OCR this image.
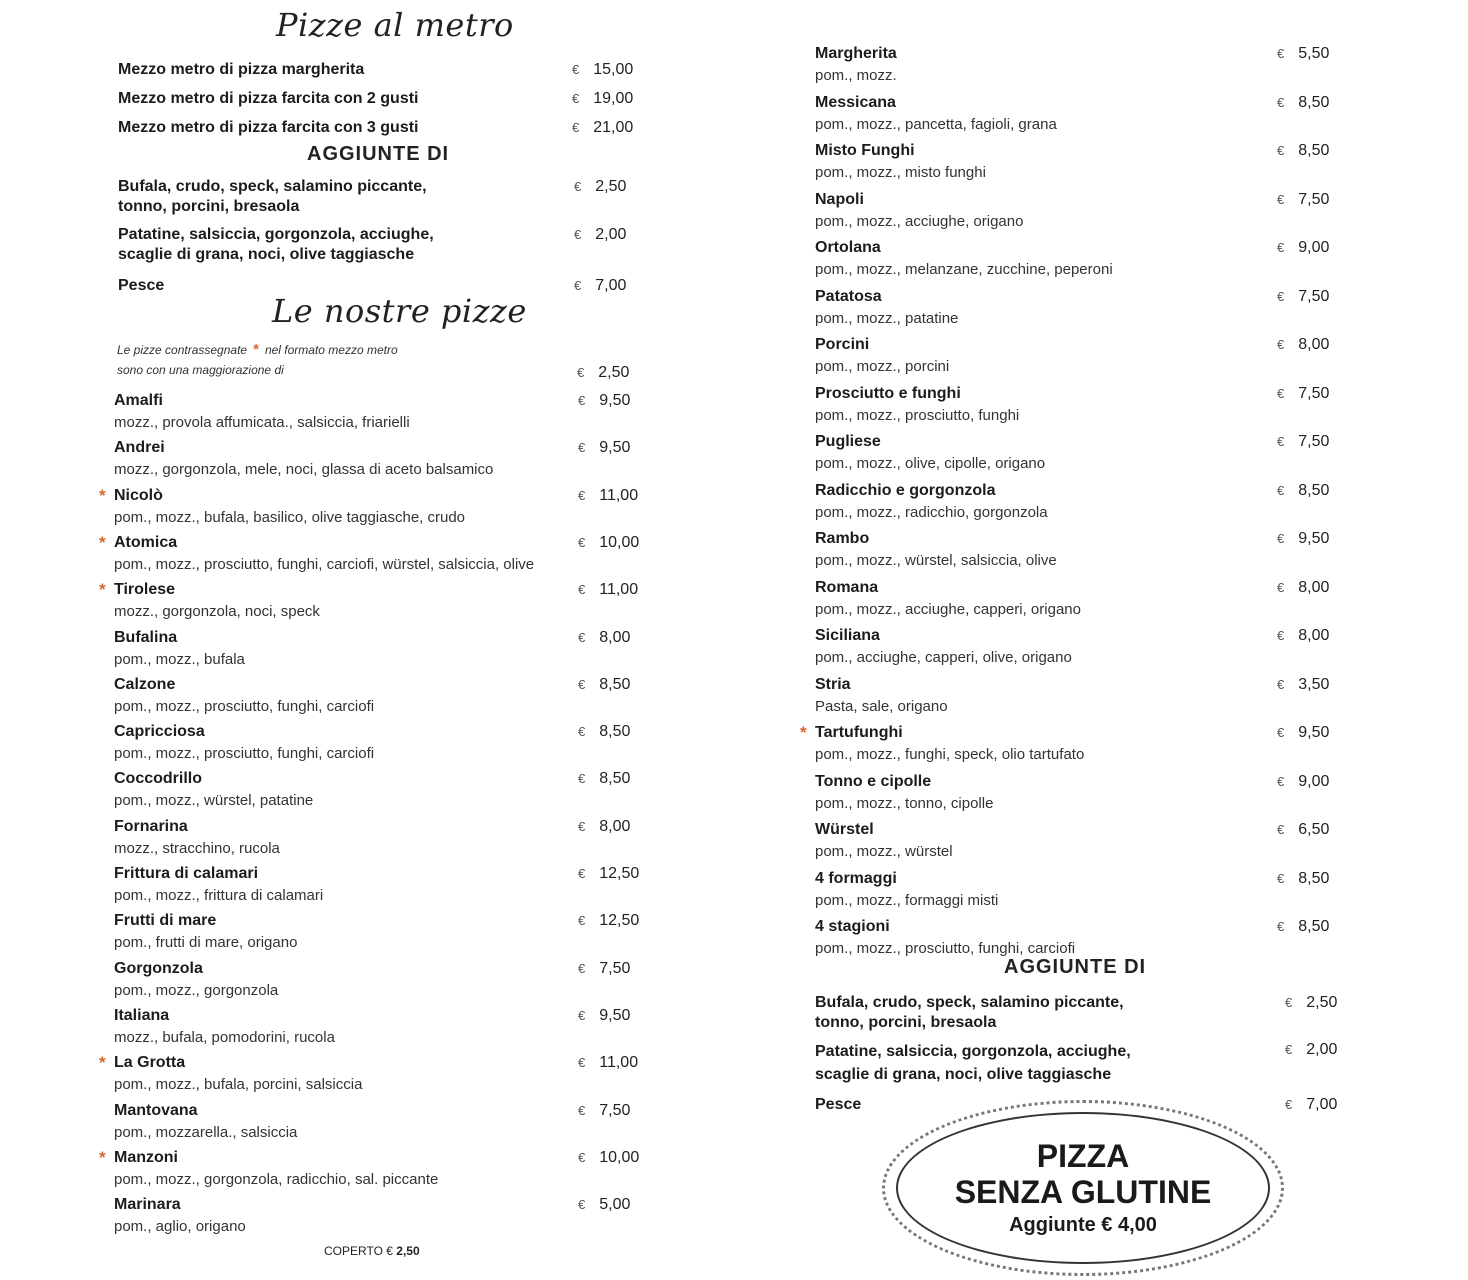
Pizze al metro
Mezzo metro di pizza margherita	€ 15,00
Mezzo metro di pizza farcita con 2 gusti	€ 19,00
Mezzo metro di pizza farcita con 3 gusti	€ 21,00
AGGIUNTE DI
Bufala, crudo, speck, salamino piccante, tonno, porcini, bresaola
€ 2,50
Patatine, salsiccia, gorgonzola, acciughe, scaglie di grana, noci, olive taggiasche
€ 2,00
Pesce	€ 7,00
Le nostre pizze
Le pizze contrassegnate * nel formato mezzo metro
sono con una maggiorazione di	€ 2,50
Amalfi
mozz., provola affumicata., salsiccia, friarielli
€ 9,50
Andrei
mozz., gorgonzola, mele, noci, glassa di aceto balsamico
€ 9,50
* Nicolò
pom., mozz., bufala, basilico, olive taggiasche, crudo
€ 11,00
* Atomica
pom., mozz., prosciutto, funghi, carciofi, würstel, salsiccia, olive
€ 10,00
* Tirolese
mozz., gorgonzola, noci, speck
€ 11,00
Bufalina
pom., mozz., bufala
€ 8,00
Calzone
pom., mozz., prosciutto, funghi, carciofi
€ 8,50
Capricciosa
pom., mozz., prosciutto, funghi, carciofi
€ 8,50
Coccodrillo
pom., mozz., würstel, patatine
€ 8,50
Fornarina
mozz., stracchino, rucola
€ 8,00
Frittura di calamari
pom., mozz., frittura di calamari
€ 12,50
Frutti di mare
pom., frutti di mare, origano
€ 12,50
Gorgonzola
pom., mozz., gorgonzola
€ 7,50
Italiana
mozz., bufala, pomodorini, rucola
€ 9,50
* La Grotta
pom., mozz., bufala, porcini, salsiccia
€ 11,00
Mantovana
pom., mozzarella., salsiccia
€ 7,50
* Manzoni
pom., mozz., gorgonzola, radicchio, sal. piccante
€ 10,00
Marinara
pom., aglio, origano
€ 5,00
COPERTO € 2,50
Margherita
pom., mozz.
€ 5,50
Messicana
pom., mozz., pancetta, fagioli, grana
€ 8,50
Misto Funghi
pom., mozz., misto funghi
€ 8,50
Napoli
pom., mozz., acciughe, origano
€ 7,50
Ortolana
pom., mozz., melanzane, zucchine, peperoni
€ 9,00
Patatosa
pom., mozz., patatine
€ 7,50
Porcini
pom., mozz., porcini
€ 8,00
Prosciutto e funghi
pom., mozz., prosciutto, funghi
€ 7,50
Pugliese
pom., mozz., olive, cipolle, origano
€ 7,50
Radicchio e gorgonzola
pom., mozz., radicchio, gorgonzola
€ 8,50
Rambo
pom., mozz., würstel, salsiccia, olive
€ 9,50
Romana
pom., mozz., acciughe, capperi, origano
€ 8,00
Siciliana
pom., acciughe, capperi, olive, origano
€ 8,00
Stria
Pasta, sale, origano
€ 3,50
* Tartufunghi
pom., mozz., funghi, speck, olio tartufato
€ 9,50
Tonno e cipolle
pom., mozz., tonno, cipolle
€ 9,00
Würstel
pom., mozz., würstel
€ 6,50
4 formaggi
pom., mozz., formaggi misti
€ 8,50
4 stagioni
pom., mozz., prosciutto, funghi, carciofi
€ 8,50
AGGIUNTE DI
Bufala, crudo, speck, salamino piccante, tonno, porcini, bresaola
€ 2,50
Patatine, salsiccia, gorgonzola, acciughe, scaglie di grana, noci, olive taggiasche
€ 2,00
Pesce	€ 7,00
PIZZA
SENZA GLUTINE
Aggiunte € 4,00
